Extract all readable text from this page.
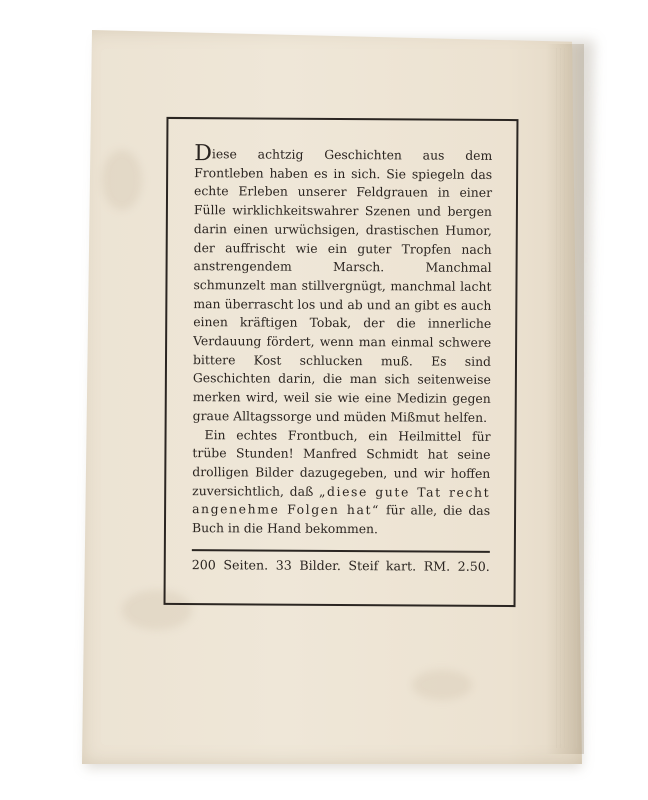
Diese achtzig Geschichten aus dem Frontleben haben es in sich. Sie spiegeln das echte Erleben unserer Feldgrauen in einer Fülle wirklichkeitswahrer Szenen und bergen darin einen urwüchsigen, drastischen Humor, der auffrischt wie ein guter Tropfen nach anstrengendem Marsch. Manchmal schmunzelt man stillvergnügt, manchmal lacht man überrascht los und ab und an gibt es auch einen kräftigen Tobak, der die innerliche Verdauung fördert, wenn man einmal schwere bittere Kost schlucken muß. Es sind Geschichten darin, die man sich seitenweise merken wird, weil sie wie eine Medizin gegen graue Alltagssorge und müden Mißmut helfen.

Ein echtes Frontbuch, ein Heilmittel für trübe Stunden! Manfred Schmidt hat seine drolligen Bilder dazugegeben, und wir hoffen zuversichtlich, daß „diese gute Tat recht angenehme Folgen hat“ für alle, die das Buch in die Hand bekommen.

200 Seiten. 33 Bilder. Steif kart. RM. 2.50.
